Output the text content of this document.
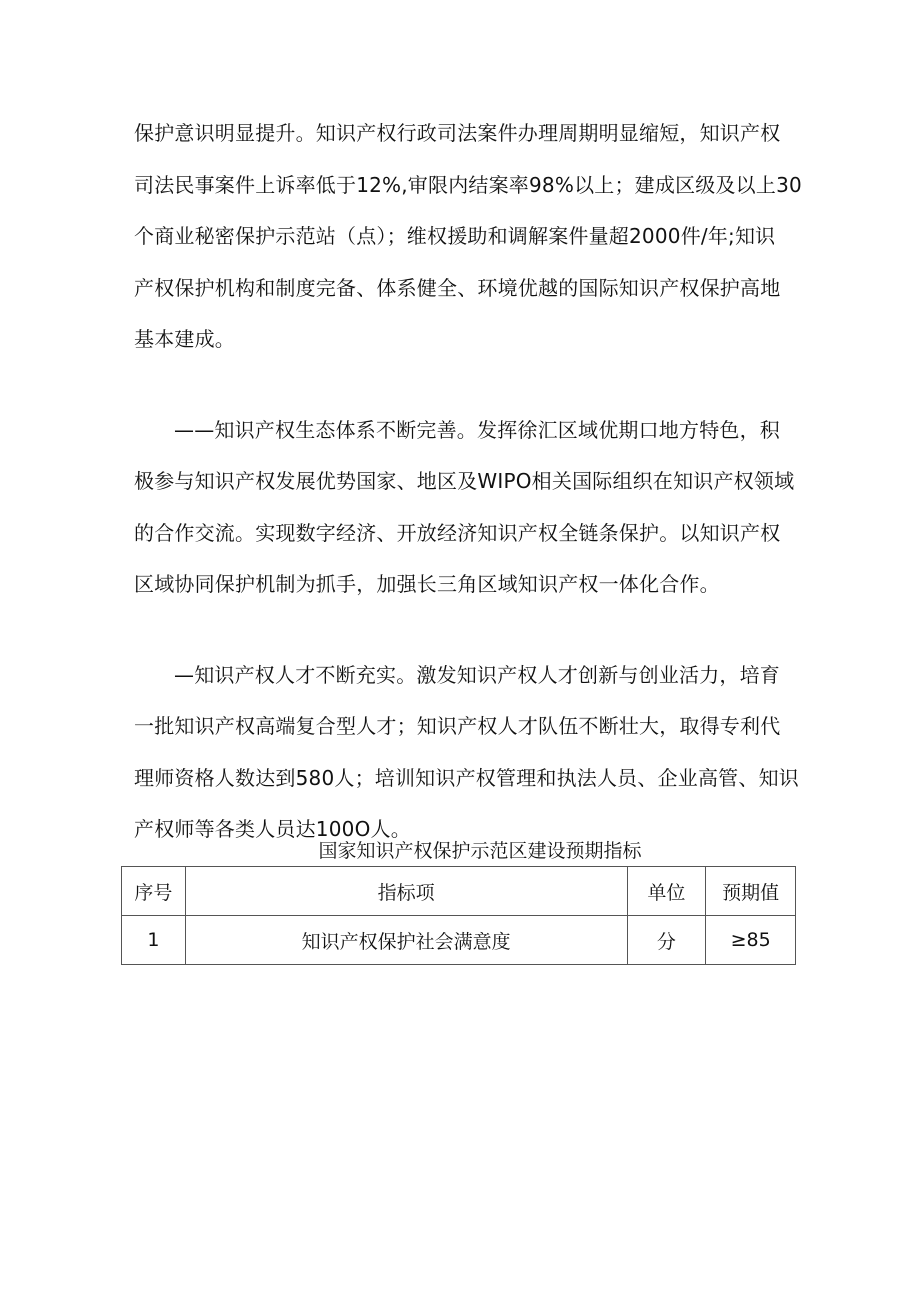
保护意识明显提升。知识产权行政司法案件办理周期明显缩短，知识产权
司法民事案件上诉率低于12%,审限内结案率98%以上；建成区级及以上30
个商业秘密保护示范站（点）；维权援助和调解案件量超2000件/年;知识
产权保护机构和制度完备、体系健全、环境优越的国际知识产权保护高地
基本建成。

——知识产权生态体系不断完善。发挥徐汇区域优期口地方特色，积
极参与知识产权发展优势国家、地区及WIPO相关国际组织在知识产权领域
的合作交流。实现数字经济、开放经济知识产权全链条保护。以知识产权
区域协同保护机制为抓手，加强长三角区域知识产权一体化合作。

—知识产权人才不断充实。激发知识产权人才创新与创业活力，培育
一批知识产权高端复合型人才；知识产权人才队伍不断壮大，取得专利代
理师资格人数达到580人；培训知识产权管理和执法人员、企业高管、知识
产权师等各类人员达100O人。

国家知识产权保护示范区建设预期指标
序号	指标项	单位	预期值
1	知识产权保护社会满意度	分	≥85
